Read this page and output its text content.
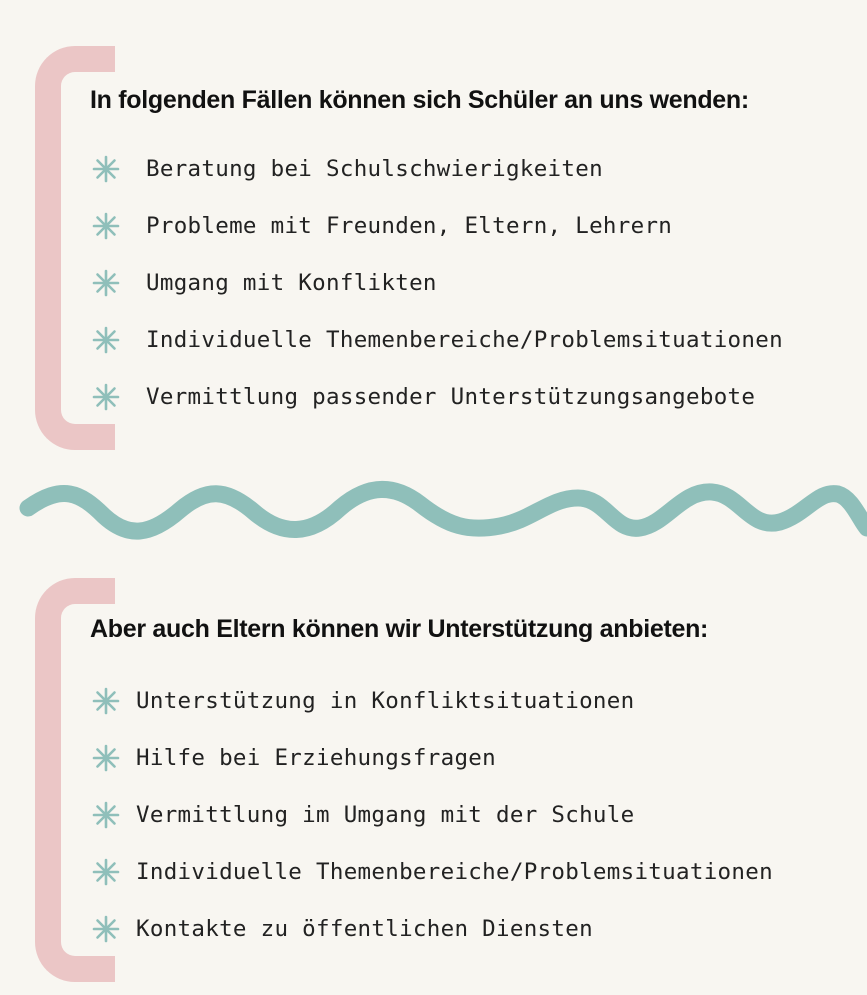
In folgenden Fällen können sich Schüler an uns wenden:
Beratung bei Schulschwierigkeiten
Probleme mit Freunden, Eltern, Lehrern
Umgang mit Konflikten
Individuelle Themenbereiche/Problemsituationen
Vermittlung passender Unterstützungsangebote
Aber auch Eltern können wir Unterstützung anbieten:
Unterstützung in Konfliktsituationen
Hilfe bei Erziehungsfragen
Vermittlung im Umgang mit der Schule
Individuelle Themenbereiche/Problemsituationen
Kontakte zu öffentlichen Diensten
